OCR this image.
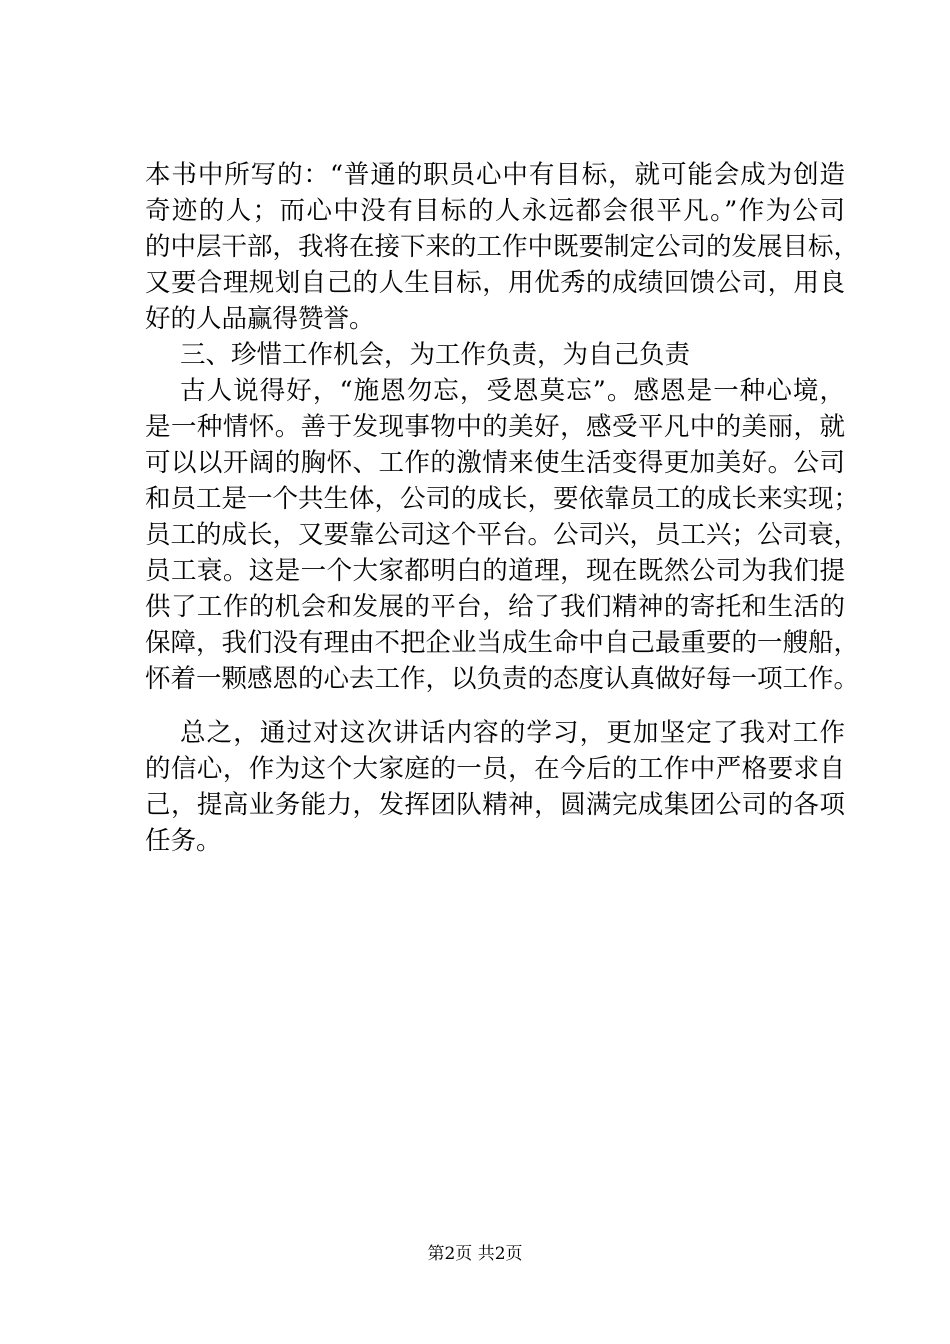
本书中所写的：“普通的职员心中有目标，就可能会成为创造
奇迹的人；而心中没有目标的人永远都会很平凡。”作为公司
的中层干部，我将在接下来的工作中既要制定公司的发展目标，
又要合理规划自己的人生目标，用优秀的成绩回馈公司，用良
好的人品赢得赞誉。
三、珍惜工作机会，为工作负责，为自己负责
古人说得好，“施恩勿忘，受恩莫忘”。感恩是一种心境，
是一种情怀。善于发现事物中的美好，感受平凡中的美丽，就
可以以开阔的胸怀、工作的激情来使生活变得更加美好。公司
和员工是一个共生体，公司的成长，要依靠员工的成长来实现；
员工的成长，又要靠公司这个平台。公司兴，员工兴；公司衰，
员工衰。这是一个大家都明白的道理，现在既然公司为我们提
供了工作的机会和发展的平台，给了我们精神的寄托和生活的
保障，我们没有理由不把企业当成生命中自己最重要的一艘船，
怀着一颗感恩的心去工作，以负责的态度认真做好每一项工作。
总之，通过对这次讲话内容的学习，更加坚定了我对工作
的信心，作为这个大家庭的一员，在今后的工作中严格要求自
己，提高业务能力，发挥团队精神，圆满完成集团公司的各项
任务。
第2页 共2页
